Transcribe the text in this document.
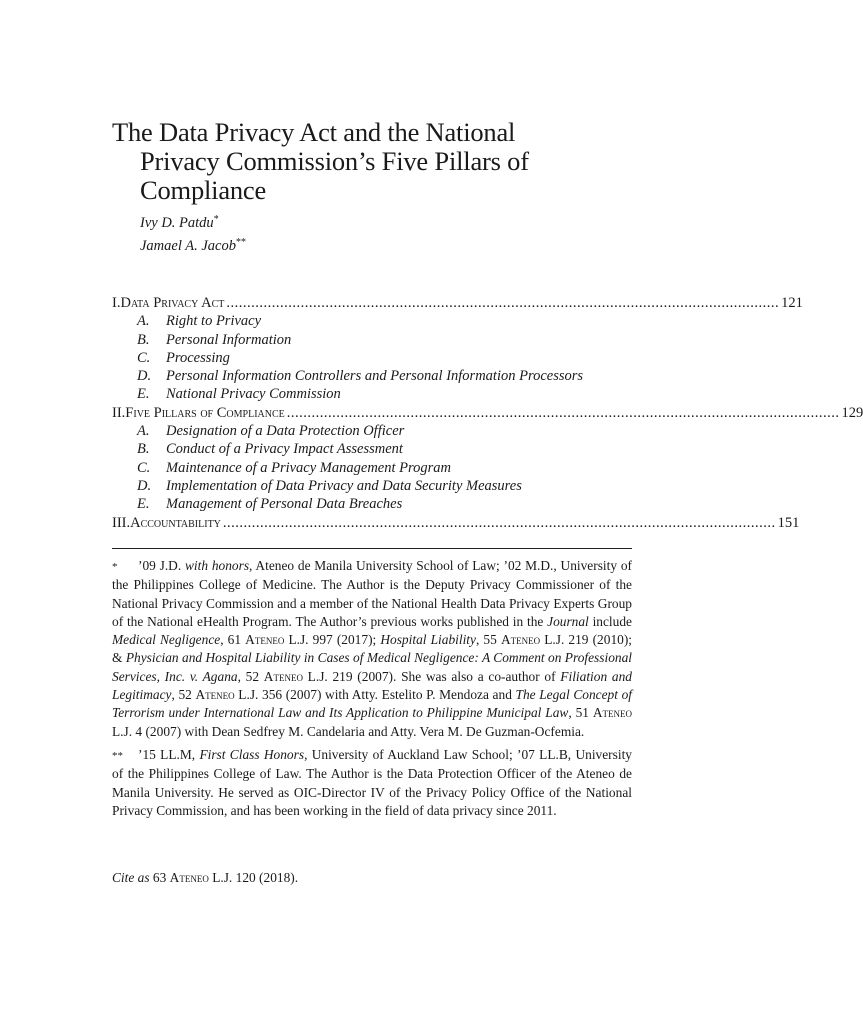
The Data Privacy Act and the National
Privacy Commission’s Five Pillars of
Compliance
Ivy D. Patdu*
Jamael A. Jacob**
I. Data Privacy Act ...................................................................................................................................... 121
A. Right to Privacy
B. Personal Information
C. Processing
D. Personal Information Controllers and Personal Information Processors
E. National Privacy Commission
II. Five Pillars of Compliance ...................................................................................................................................... 129
A. Designation of a Data Protection Officer
B. Conduct of a Privacy Impact Assessment
C. Maintenance of a Privacy Management Program
D. Implementation of Data Privacy and Data Security Measures
E. Management of Personal Data Breaches
III. Accountability ...................................................................................................................................... 151

* ’09 J.D. with honors, Ateneo de Manila University School of Law; ’02 M.D., University of the Philippines College of Medicine. The Author is the Deputy Privacy Commissioner of the National Privacy Commission and a member of the National Health Data Privacy Experts Group of the National eHealth Program. The Author’s previous works published in the Journal include Medical Negligence, 61 Ateneo L.J. 997 (2017); Hospital Liability, 55 Ateneo L.J. 219 (2010); & Physician and Hospital Liability in Cases of Medical Negligence: A Comment on Professional Services, Inc. v. Agana, 52 Ateneo L.J. 219 (2007). She was also a co-author of Filiation and Legitimacy, 52 Ateneo L.J. 356 (2007) with Atty. Estelito P. Mendoza and The Legal Concept of Terrorism under International Law and Its Application to Philippine Municipal Law, 51 Ateneo L.J. 4 (2007) with Dean Sedfrey M. Candelaria and Atty. Vera M. De Guzman-Ocfemia.

** ’15 LL.M, First Class Honors, University of Auckland Law School; ’07 LL.B, University of the Philippines College of Law. The Author is the Data Protection Officer of the Ateneo de Manila University. He served as OIC-Director IV of the Privacy Policy Office of the National Privacy Commission, and has been working in the field of data privacy since 2011.

Cite as 63 Ateneo L.J. 120 (2018).
